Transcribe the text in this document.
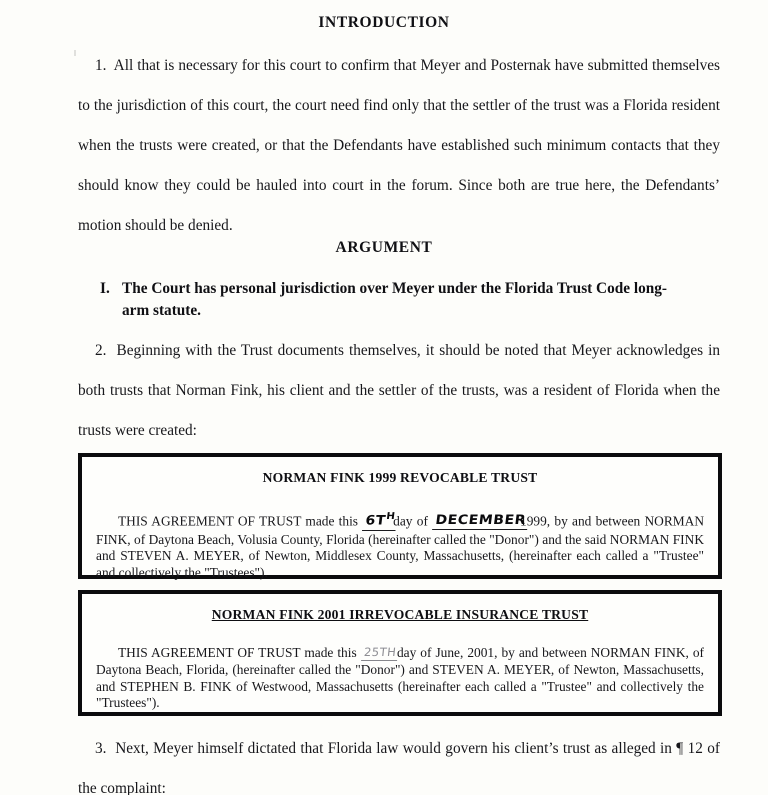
INTRODUCTION
1. All that is necessary for this court to confirm that Meyer and Posternak have submitted themselves to the jurisdiction of this court, the court need find only that the settler of the trust was a Florida resident when the trusts were created, or that the Defendants have established such minimum contacts that they should know they could be hauled into court in the forum. Since both are true here, the Defendants’ motion should be denied.
ARGUMENT
I. The Court has personal jurisdiction over Meyer under the Florida Trust Code long-arm statute.
2. Beginning with the Trust documents themselves, it should be noted that Meyer acknowledges in both trusts that Norman Fink, his client and the settler of the trusts, was a resident of Florida when the trusts were created:
NORMAN FINK 1999 REVOCABLE TRUST
THIS AGREEMENT OF TRUST made this $6T^Hday$ of DECEMBER1999, by and between NORMAN FINK, of Daytona Beach, Volusia County, Florida (hereinafter called the "Donor") and the said NORMAN FINK and STEVEN A. MEYER, of Newton, Middlesex County, Massachusetts, (hereinafter each called a "Trustee" and collectively the "Trustees").
NORMAN FINK 2001 IRREVOCABLE INSURANCE TRUST
THIS AGREEMENT OF TRUST made this 25THday of June, 2001, by and between NORMAN FINK, of Daytona Beach, Florida, (hereinafter called the "Donor") and STEVEN A. MEYER, of Newton, Massachusetts, and STEPHEN B. FINK of Westwood, Massachusetts (hereinafter each called a "Trustee" and collectively the "Trustees").
3. Next, Meyer himself dictated that Florida law would govern his client’s trust as alleged in ¶ 12 of the complaint:
